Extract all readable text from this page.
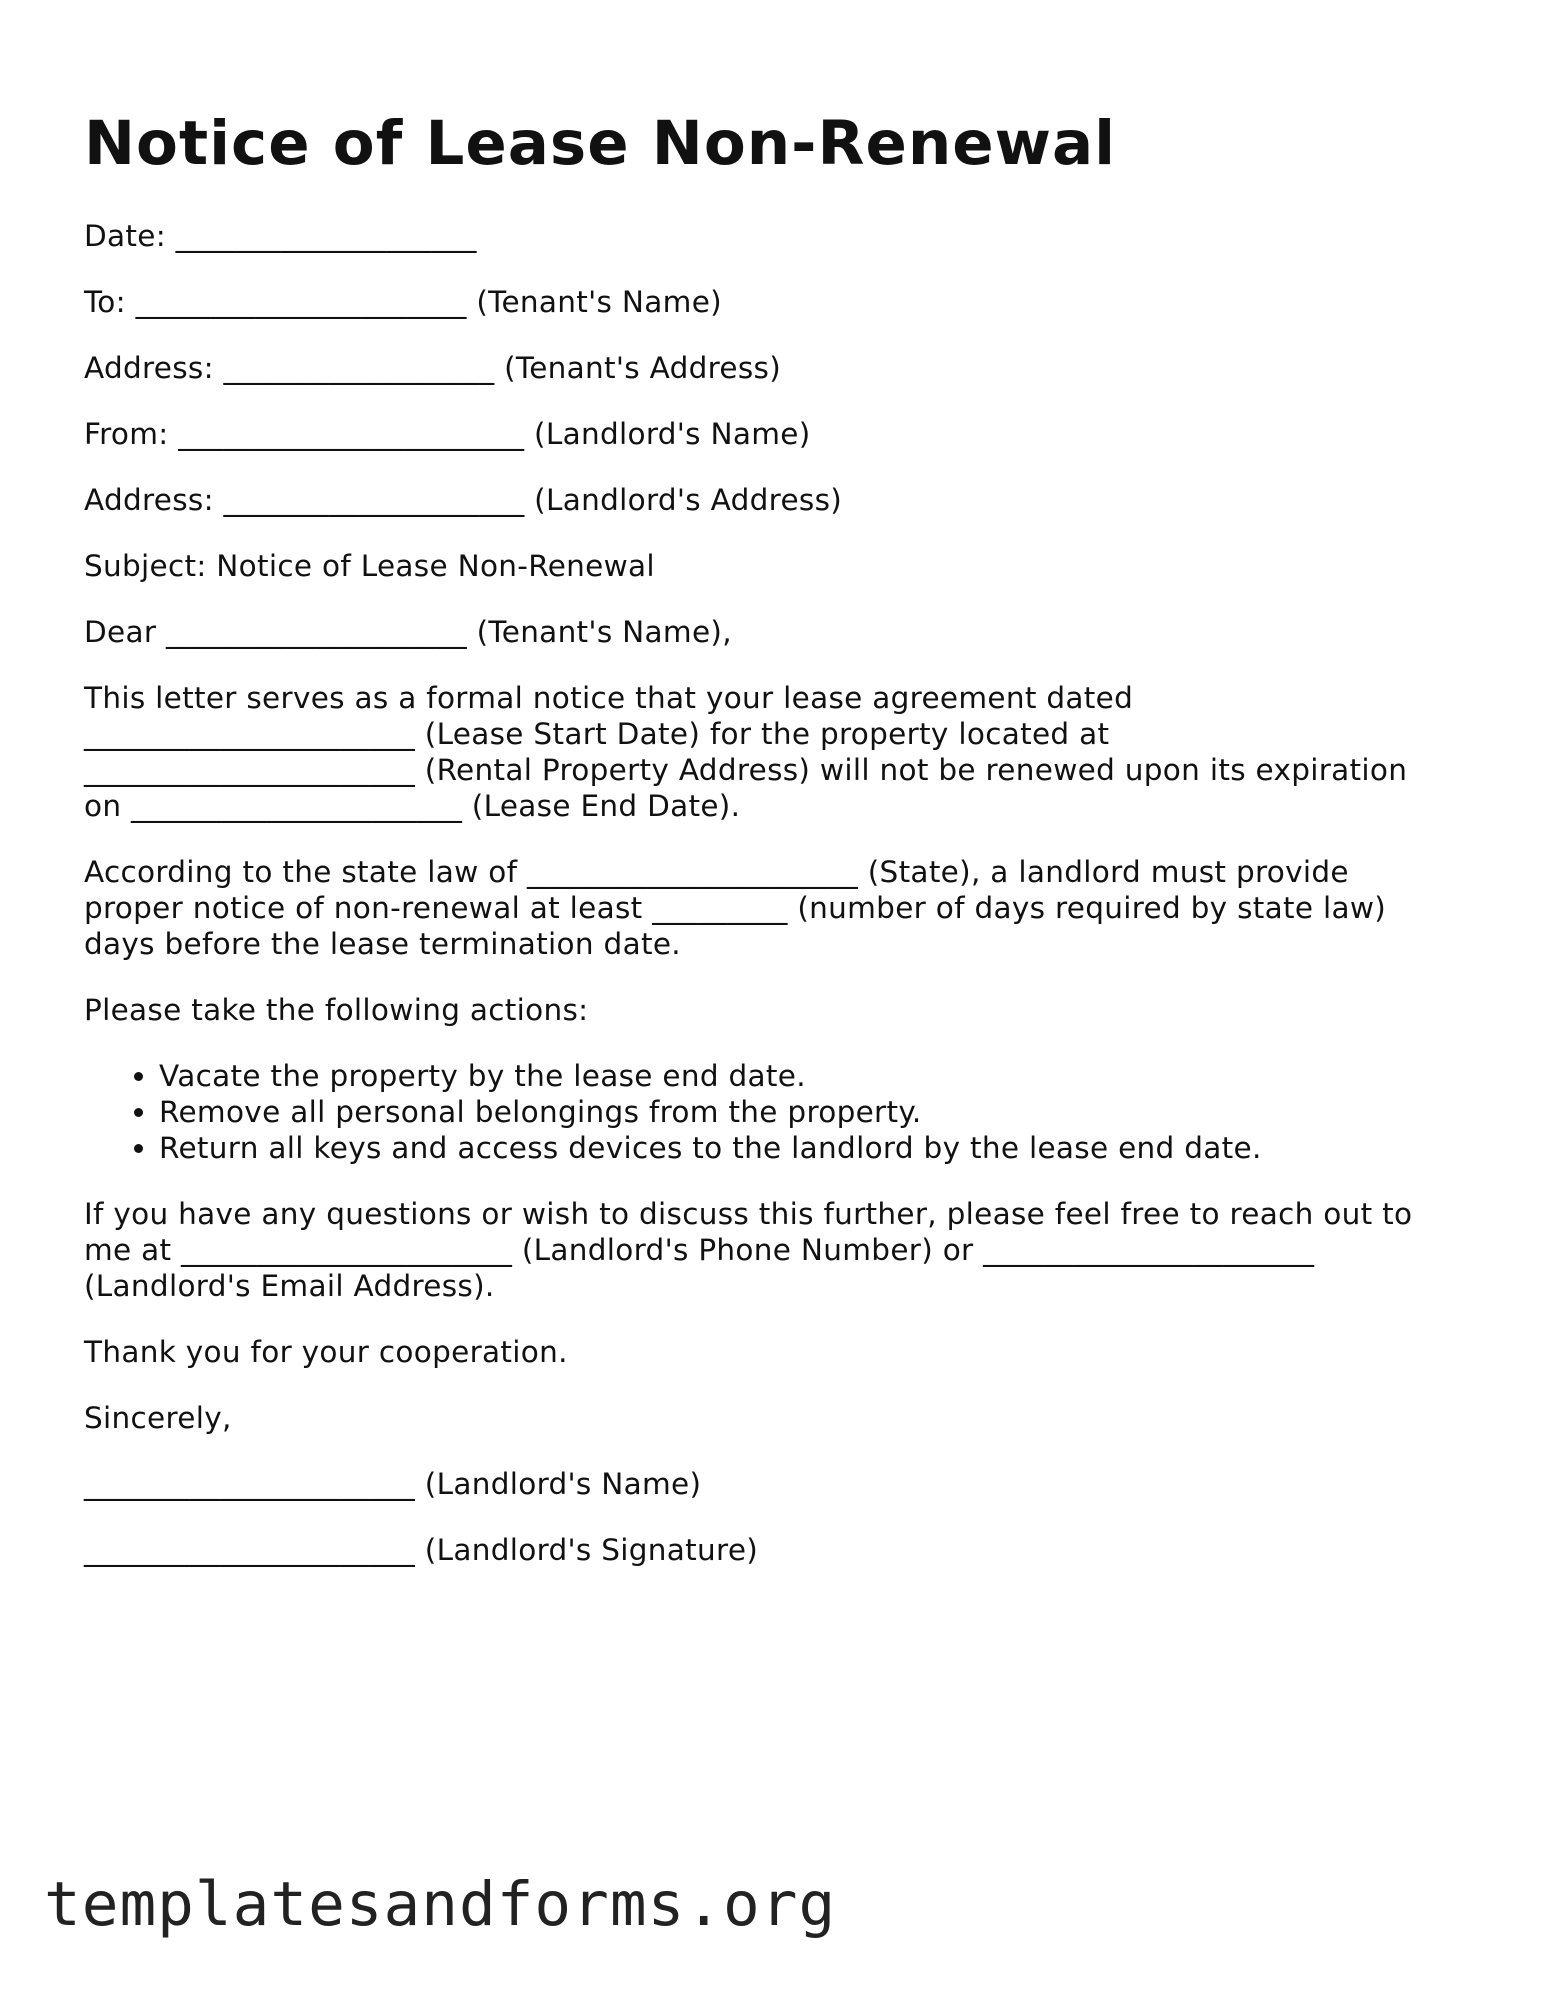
Notice of Lease Non-Renewal

Date: ____________________

To: ______________________ (Tenant's Name)

Address: __________________ (Tenant's Address)

From: _______________________ (Landlord's Name)

Address: ____________________ (Landlord's Address)

Subject: Notice of Lease Non-Renewal

Dear ____________________ (Tenant's Name),

This letter serves as a formal notice that your lease agreement dated
______________________ (Lease Start Date) for the property located at
______________________ (Rental Property Address) will not be renewed upon its expiration
on ______________________ (Lease End Date).

According to the state law of ______________________ (State), a landlord must provide
proper notice of non-renewal at least _________ (number of days required by state law)
days before the lease termination date.

Please take the following actions:

• Vacate the property by the lease end date.
• Remove all personal belongings from the property.
• Return all keys and access devices to the landlord by the lease end date.

If you have any questions or wish to discuss this further, please feel free to reach out to
me at ______________________ (Landlord's Phone Number) or ______________________
(Landlord's Email Address).

Thank you for your cooperation.

Sincerely,

______________________ (Landlord's Name)

______________________ (Landlord's Signature)

templatesandforms.org
